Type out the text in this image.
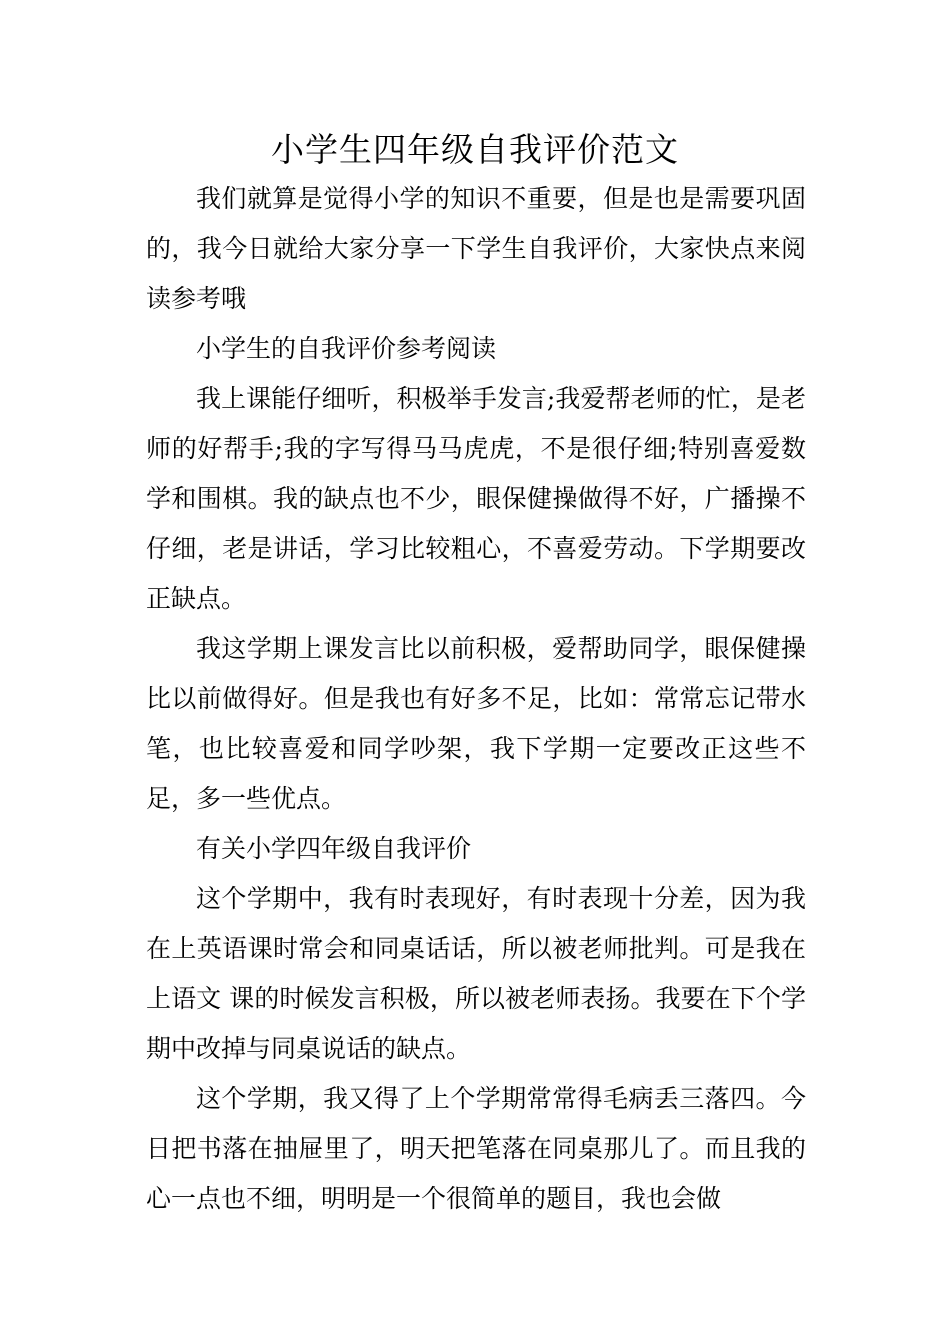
小学生四年级自我评价范文

我们就算是觉得小学的知识不重要，但是也是需要巩固的，我今日就给大家分享一下学生自我评价，大家快点来阅读参考哦

小学生的自我评价参考阅读

我上课能仔细听，积极举手发言;我爱帮老师的忙，是老师的好帮手;我的字写得马马虎虎，不是很仔细;特别喜爱数学和围棋。我的缺点也不少，眼保健操做得不好，广播操不仔细，老是讲话，学习比较粗心，不喜爱劳动。下学期要改正缺点。

我这学期上课发言比以前积极，爱帮助同学，眼保健操比以前做得好。但是我也有好多不足，比如：常常忘记带水笔，也比较喜爱和同学吵架，我下学期一定要改正这些不足，多一些优点。

有关小学四年级自我评价

这个学期中，我有时表现好，有时表现十分差，因为我在上英语课时常会和同桌话话，所以被老师批判。可是我在上语文 课的时候发言积极，所以被老师表扬。我要在下个学期中改掉与同桌说话的缺点。

这个学期，我又得了上个学期常常得毛病丢三落四。今日把书落在抽屉里了，明天把笔落在同桌那儿了。而且我的心一点也不细，明明是一个很简单的题目，我也会做
